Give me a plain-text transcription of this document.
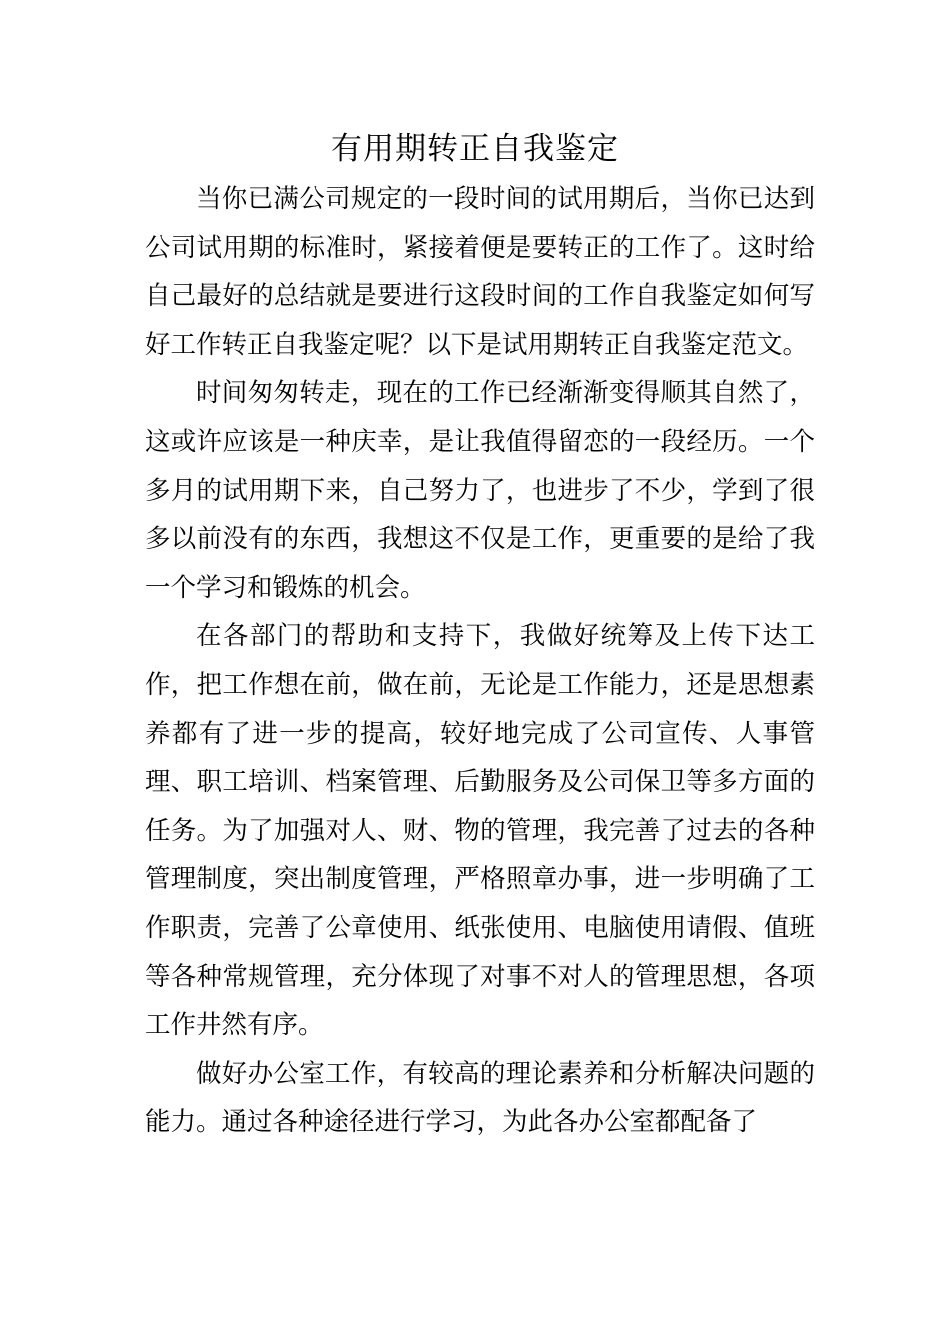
有用期转正自我鉴定

当你已满公司规定的一段时间的试用期后，当你已达到公司试用期的标准时，紧接着便是要转正的工作了。这时给自己最好的总结就是要进行这段时间的工作自我鉴定如何写好工作转正自我鉴定呢？以下是试用期转正自我鉴定范文。

时间匆匆转走，现在的工作已经渐渐变得顺其自然了，这或许应该是一种庆幸，是让我值得留恋的一段经历。一个多月的试用期下来，自己努力了，也进步了不少，学到了很多以前没有的东西，我想这不仅是工作，更重要的是给了我一个学习和锻炼的机会。

在各部门的帮助和支持下，我做好统筹及上传下达工作，把工作想在前，做在前，无论是工作能力，还是思想素养都有了进一步的提高，较好地完成了公司宣传、人事管理、职工培训、档案管理、后勤服务及公司保卫等多方面的任务。为了加强对人、财、物的管理，我完善了过去的各种管理制度，突出制度管理，严格照章办事，进一步明确了工作职责，完善了公章使用、纸张使用、电脑使用请假、值班等各种常规管理，充分体现了对事不对人的管理思想，各项工作井然有序。

做好办公室工作，有较高的理论素养和分析解决问题的能力。通过各种途径进行学习，为此各办公室都配备了
